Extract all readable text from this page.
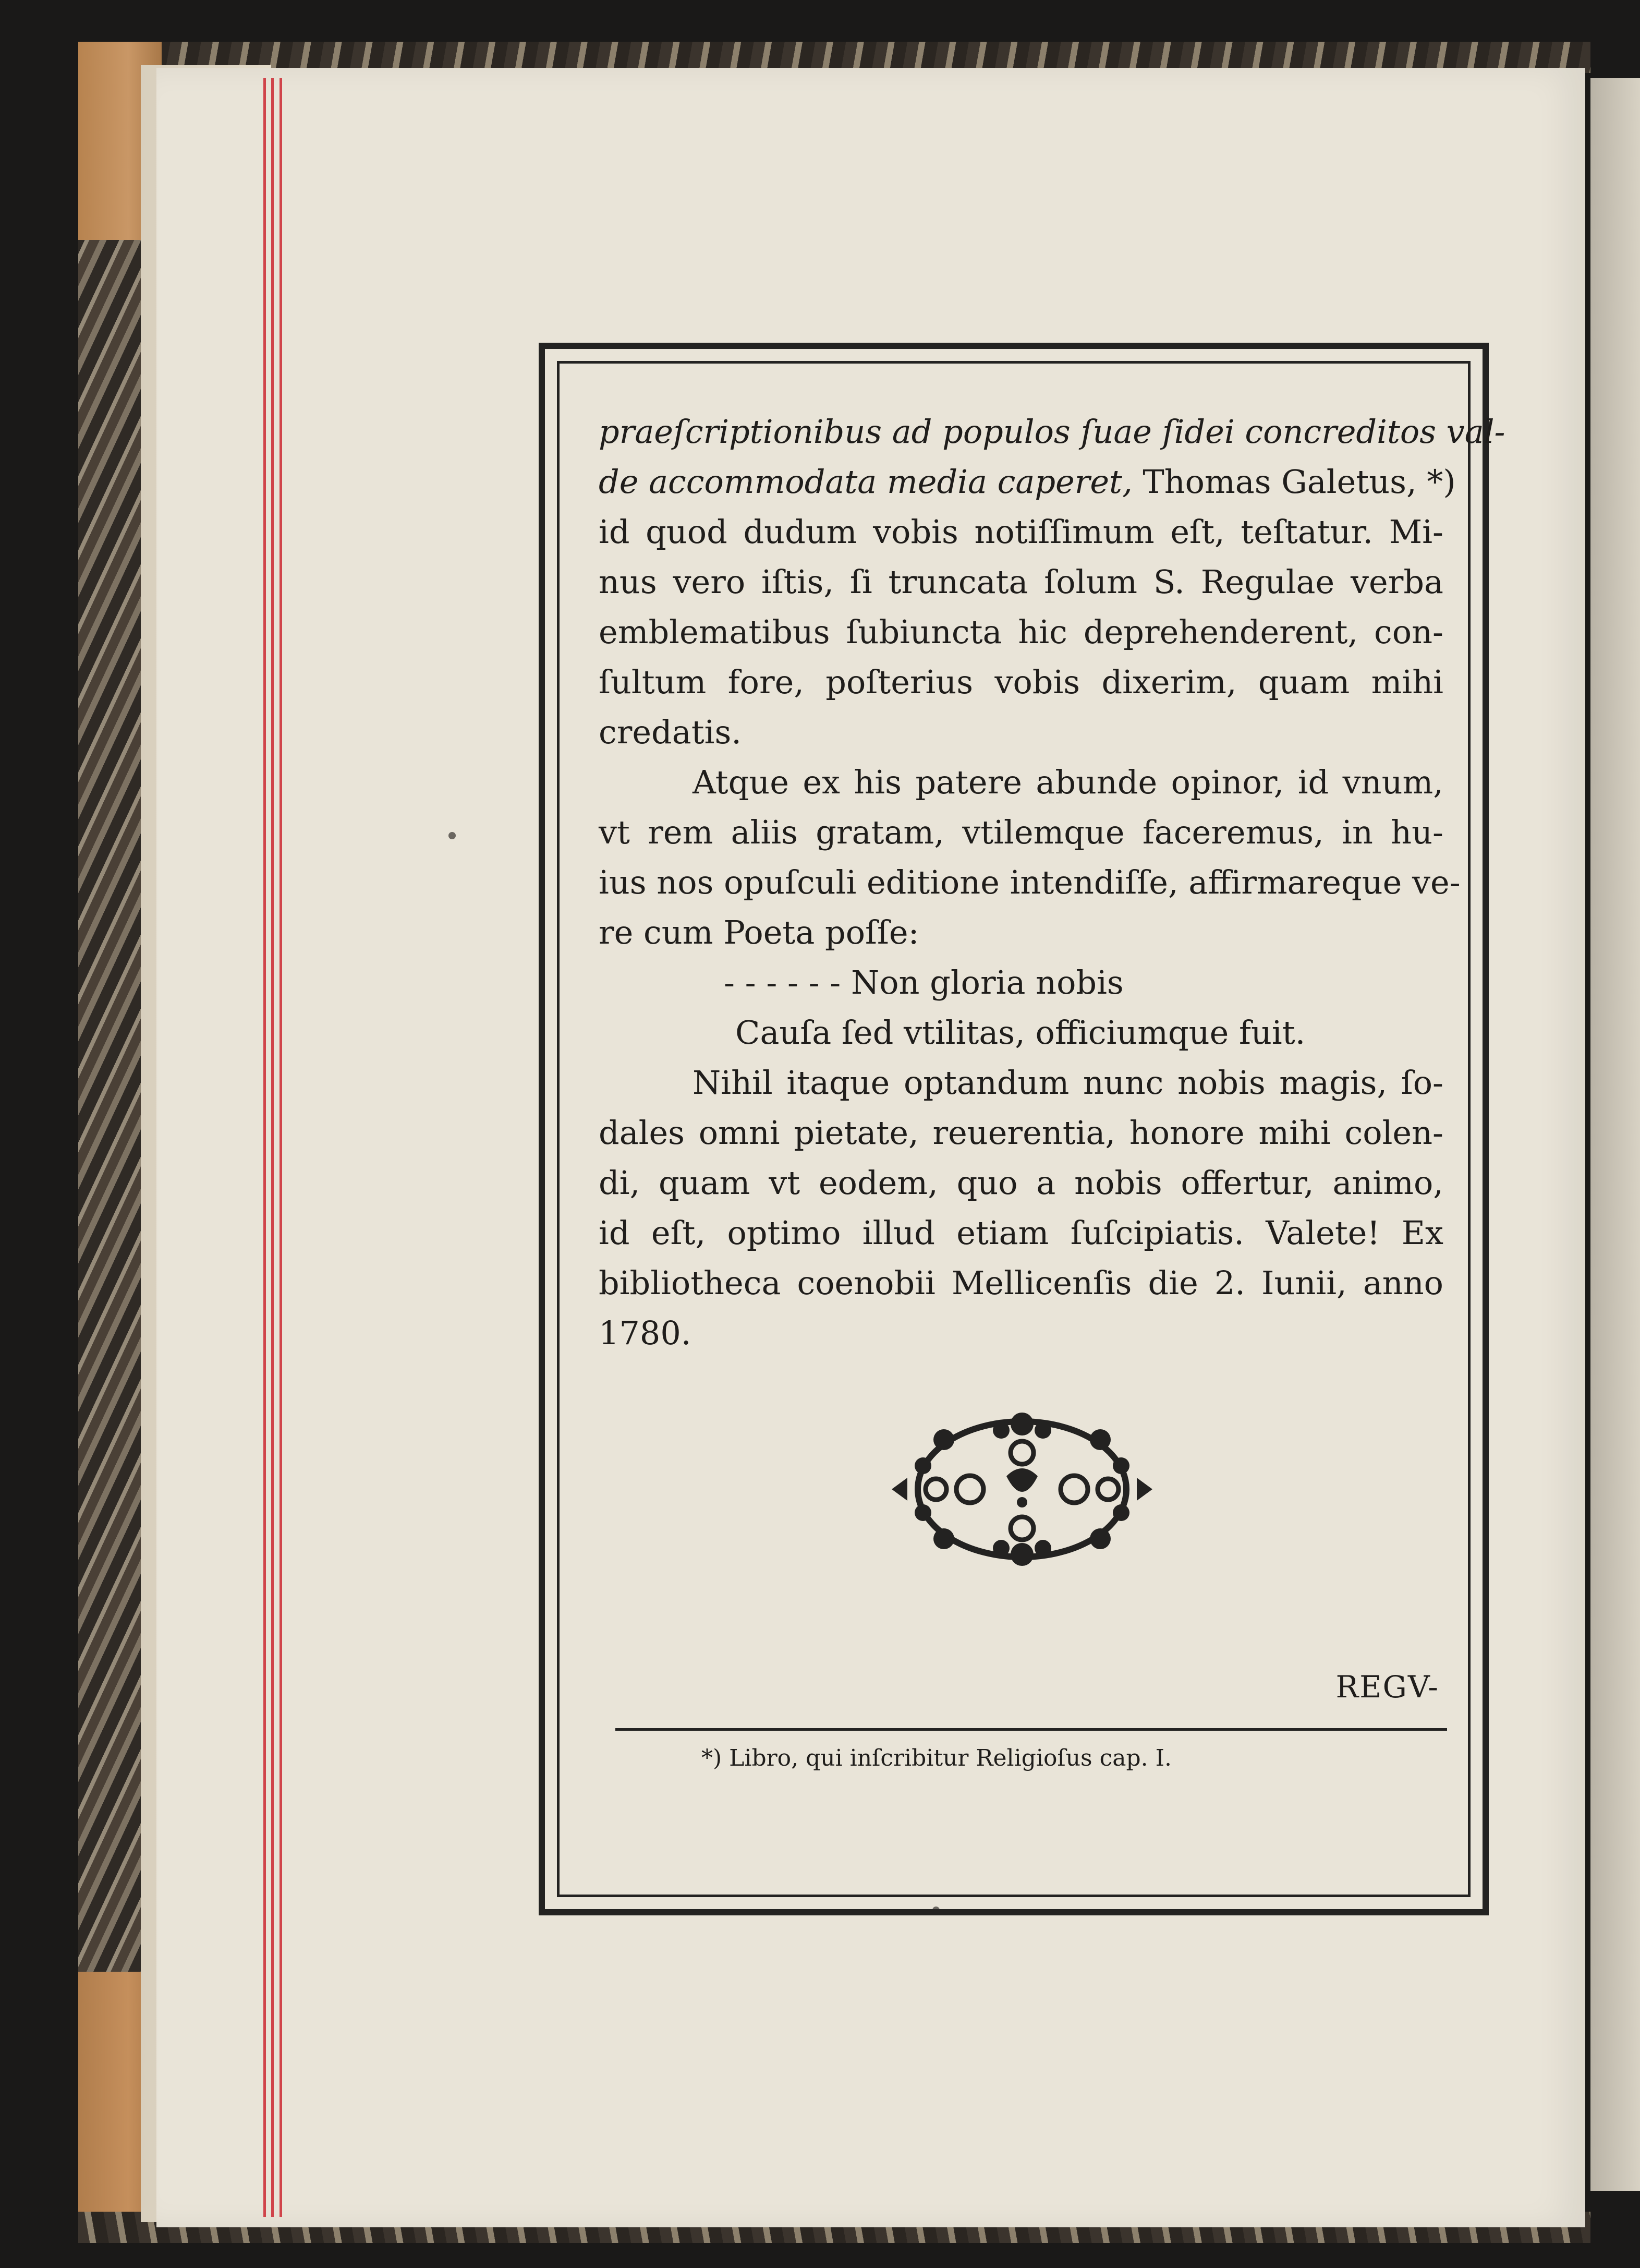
praeſcriptionibus ad populos ſuae ſidei concreditos val-
de accommodata media caperet, Thomas Galetus, *)
id quod dudum vobis notiſſimum eſt, teſtatur. Mi-
nus vero iſtis, ſi truncata ſolum S. Regulae verba
emblematibus ſubiuncta hic deprehenderent, con-
ſultum fore, poſterius vobis dixerim, quam mihi
credatis.
Atque ex his patere abunde opinor, id vnum,
vt rem aliis gratam, vtilemque faceremus, in hu-
ius nos opuſculi editione intendiſſe, affirmareque ve-
re cum Poeta poſſe:
- - - - - - Non gloria nobis
Cauſa ſed vtilitas, officiumque fuit.
Nihil itaque optandum nunc nobis magis, ſo-
dales omni pietate, reuerentia, honore mihi colen-
di, quam vt eodem, quo a nobis offertur, animo,
id eſt, optimo illud etiam ſuſcipiatis. Valete! Ex
bibliotheca coenobii Mellicenſis die 2. Iunii, anno
1780.
REGV-
*) Libro, qui inſcribitur Religioſus cap. I.
